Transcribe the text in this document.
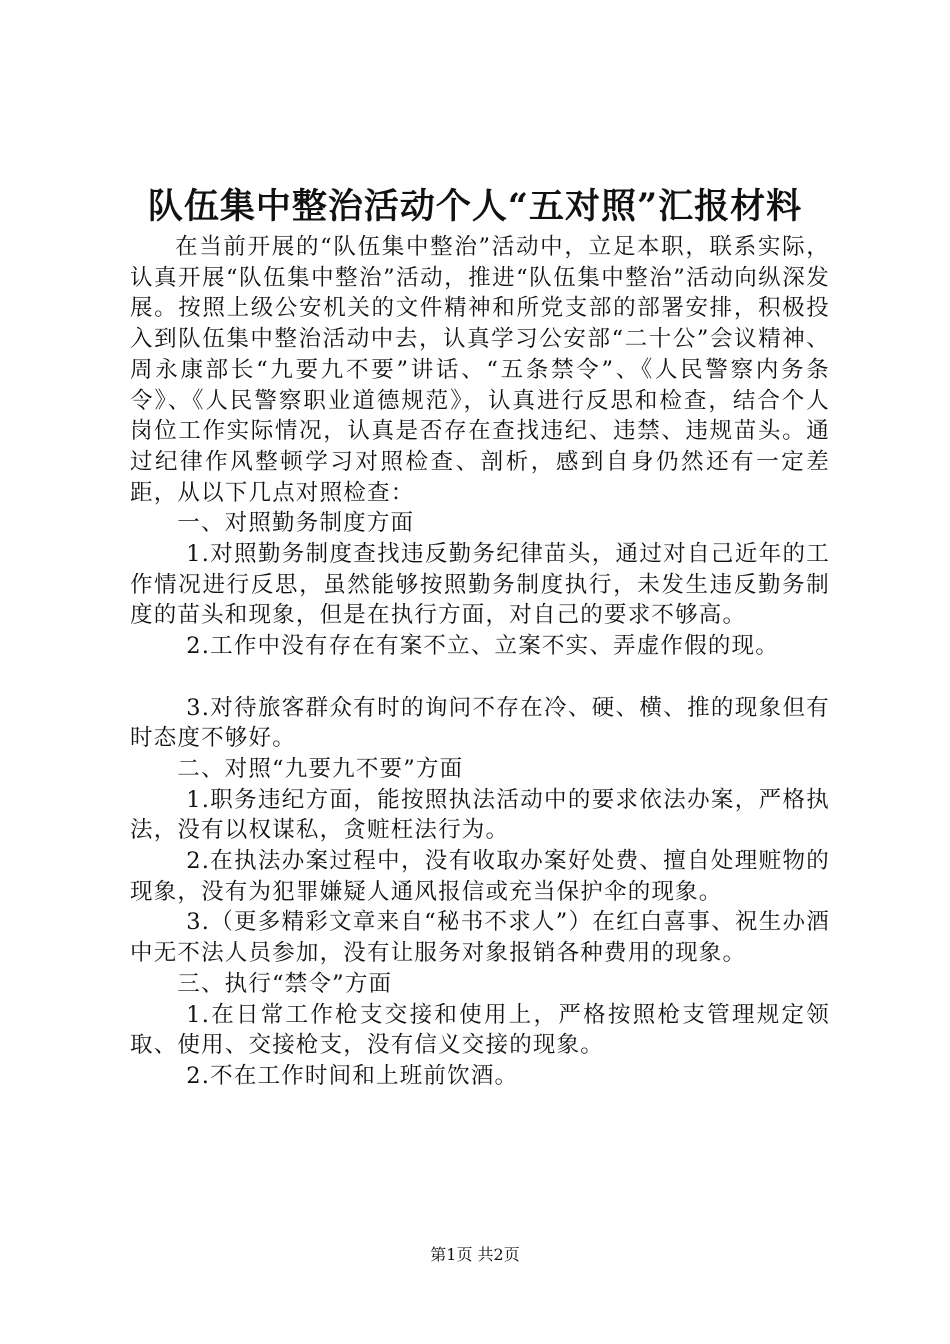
队伍集中整治活动个人“五对照”汇报材料

在当前开展的“队伍集中整治”活动中，立足本职，联系实际，认真开展“队伍集中整治”活动，推进“队伍集中整治”活动向纵深发展。按照上级公安机关的文件精神和所党支部的部署安排，积极投入到队伍集中整治活动中去，认真学习公安部“二十公”会议精神、周永康部长“九要九不要”讲话、“五条禁令”、《人民警察内务条令》、《人民警察职业道德规范》，认真进行反思和检查，结合个人岗位工作实际情况，认真是否存在查找违纪、违禁、违规苗头。通过纪律作风整顿学习对照检查、剖析，感到自身仍然还有一定差距，从以下几点对照检查：

一、对照勤务制度方面

1.对照勤务制度查找违反勤务纪律苗头，通过对自己近年的工作情况进行反思，虽然能够按照勤务制度执行，未发生违反勤务制度的苗头和现象，但是在执行方面，对自己的要求不够高。

2.工作中没有存在有案不立、立案不实、弄虚作假的现。

3.对待旅客群众有时的询问不存在冷、硬、横、推的现象但有时态度不够好。

二、对照“九要九不要”方面

1.职务违纪方面，能按照执法活动中的要求依法办案，严格执法，没有以权谋私，贪赃枉法行为。

2.在执法办案过程中，没有收取办案好处费、擅自处理赃物的现象，没有为犯罪嫌疑人通风报信或充当保护伞的现象。

3.（更多精彩文章来自“秘书不求人”）在红白喜事、祝生办酒中无不法人员参加，没有让服务对象报销各种费用的现象。

三、执行“禁令”方面

1.在日常工作枪支交接和使用上，严格按照枪支管理规定领取、使用、交接枪支，没有信义交接的现象。

2.不在工作时间和上班前饮酒。

第1页 共2页
